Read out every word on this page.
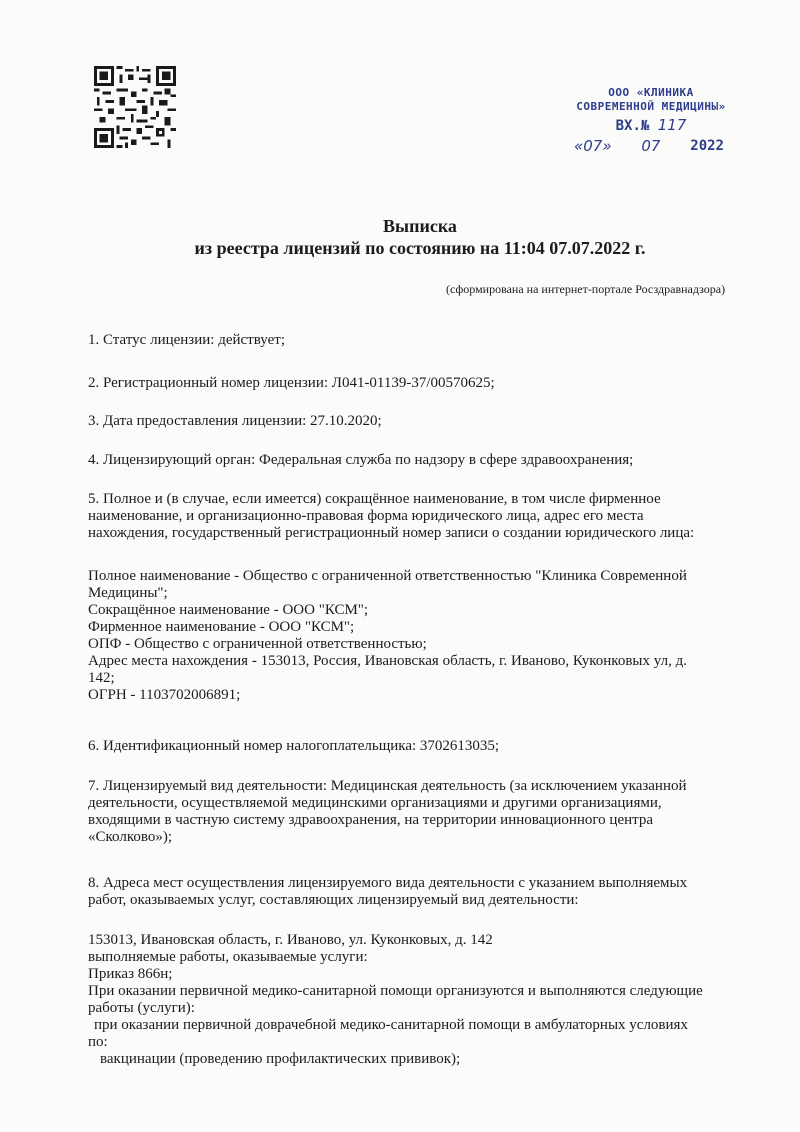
ООО «КЛИНИКА
СОВРЕМЕННОЙ МЕДИЦИНЫ»
ВХ.№ 117
«07» 07 2022
Выписка
из реестра лицензий по состоянию на 11:04 07.07.2022 г.
(сформирована на интернет-портале Росздравнадзора)

1. Статус лицензии: действует;

2. Регистрационный номер лицензии: Л041-01139-37/00570625;

3. Дата предоставления лицензии: 27.10.2020;

4. Лицензирующий орган: Федеральная служба по надзору в сфере здравоохранения;

5. Полное и (в случае, если имеется) сокращённое наименование, в том числе фирменное

наименование, и организационно-правовая форма юридического лица, адрес его места

нахождения, государственный регистрационный номер записи о создании юридического лица:

Полное наименование - Общество с ограниченной ответственностью "Клиника Современной

Медицины";

Сокращённое наименование - ООО "КСМ";

Фирменное наименование - ООО "КСМ";

ОПФ - Общество с ограниченной ответственностью;

Адрес места нахождения - 153013, Россия, Ивановская область, г. Иваново, Куконковых ул, д.

142;

ОГРН - 1103702006891;

6. Идентификационный номер налогоплательщика: 3702613035;

7. Лицензируемый вид деятельности: Медицинская деятельность (за исключением указанной

деятельности, осуществляемой медицинскими организациями и другими организациями,

входящими в частную систему здравоохранения, на территории инновационного центра

«Сколково»);

8. Адреса мест осуществления лицензируемого вида деятельности с указанием выполняемых

работ, оказываемых услуг, составляющих лицензируемый вид деятельности:

153013, Ивановская область, г. Иваново, ул. Куконковых, д. 142

выполняемые работы, оказываемые услуги:

Приказ 866н;

При оказании первичной медико-санитарной помощи организуются и выполняются следующие

работы (услуги):

при оказании первичной доврачебной медико-санитарной помощи в амбулаторных условиях

по:

вакцинации (проведению профилактических прививок);
